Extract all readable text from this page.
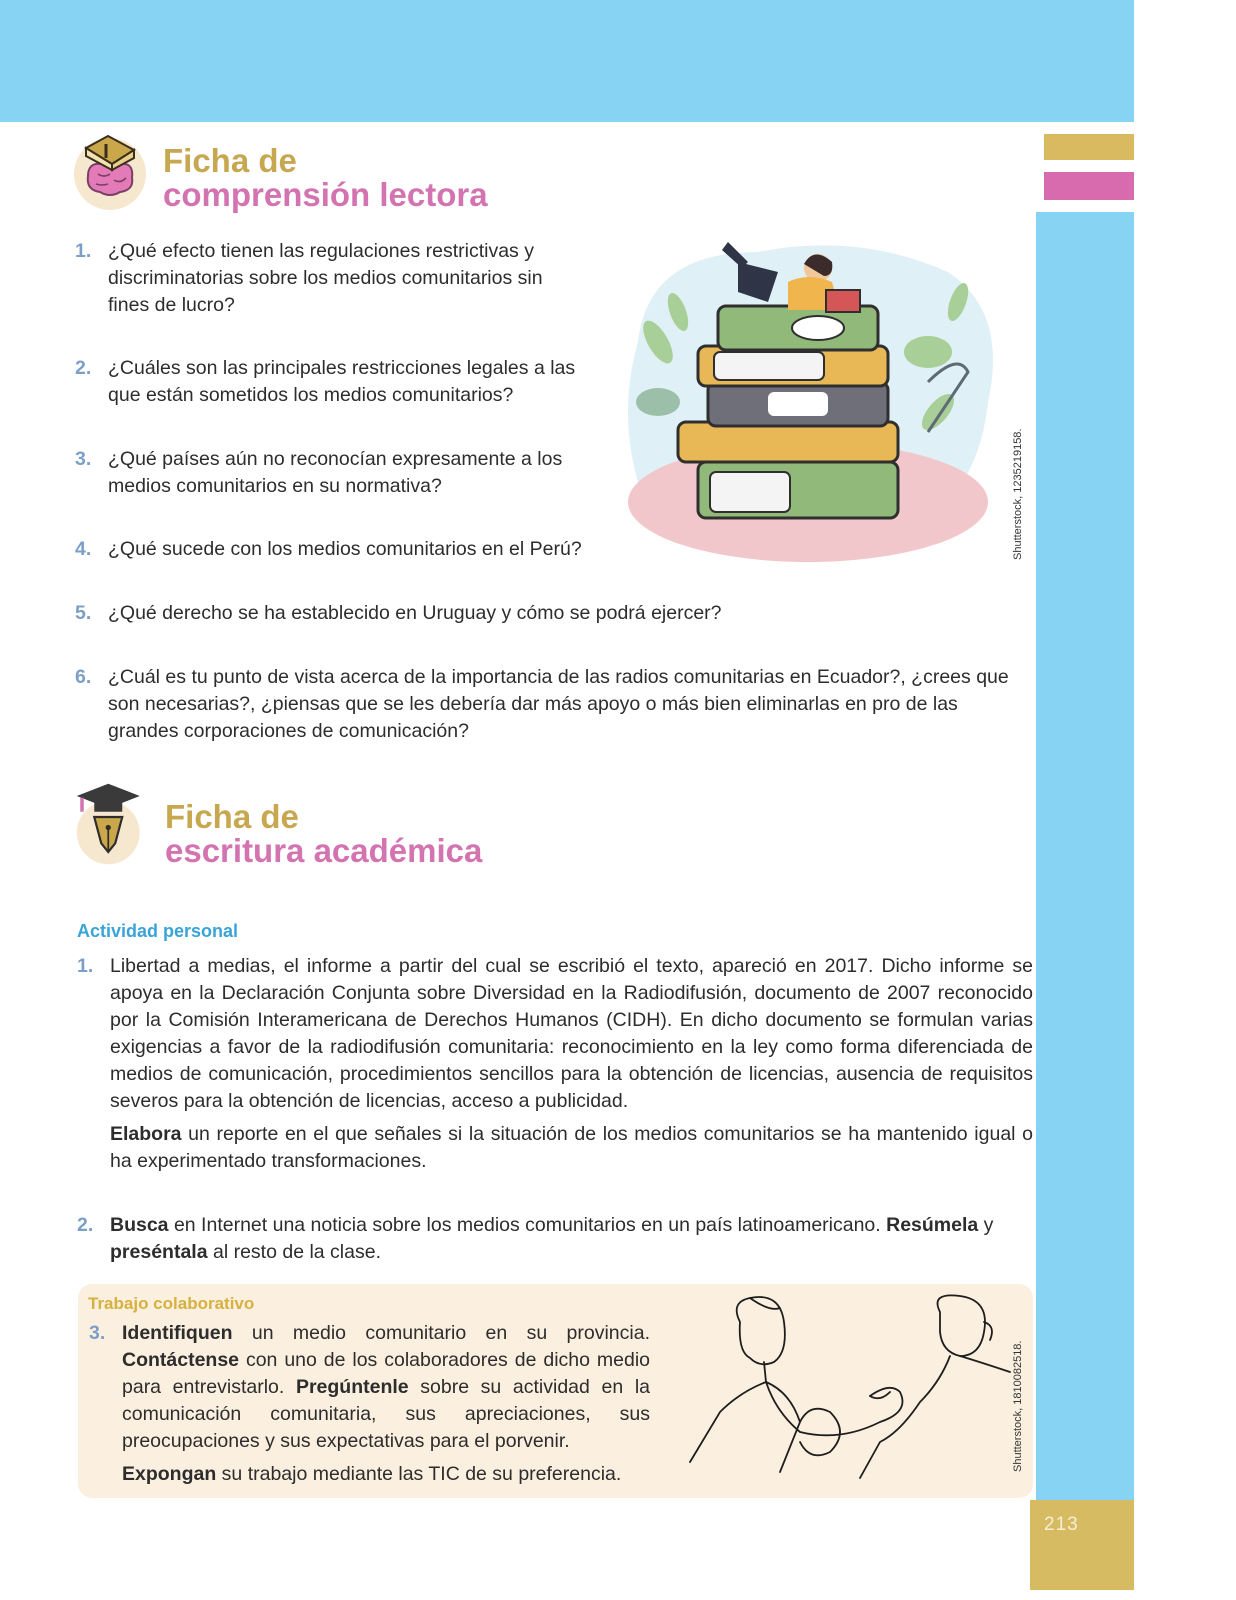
213
Ficha de
comprensión lectora
1. ¿Qué efecto tienen las regulaciones restrictivas y discriminatorias sobre los medios comunitarios sin fines de lucro?

2. ¿Cuáles son las principales restricciones legales a las que están sometidos los medios comunitarios?

3. ¿Qué países aún no reconocían expresamente a los medios comunitarios en su normativa?

4. ¿Qué sucede con los medios comunitarios en el Perú?

5. ¿Qué derecho se ha establecido en Uruguay y cómo se podrá ejercer?

6. ¿Cuál es tu punto de vista acerca de la importancia de las radios comunitarias en Ecuador?, ¿crees que son necesarias?, ¿piensas que se les debería dar más apoyo o más bien eliminarlas en pro de las grandes corporaciones de comunicación?

Shutterstock, 1235219158.
Ficha de
escritura académica
Actividad personal
1. Libertad a medias, el informe a partir del cual se escribió el texto, apareció en 2017. Dicho informe se apoya en la Declaración Conjunta sobre Diversidad en la Radiodifusión, documento de 2007 reconocido por la Comisión Interamericana de Derechos Humanos (CIDH). En dicho documento se formulan varias exigencias a favor de la radiodifusión comunitaria: reconocimiento en la ley como forma diferenciada de medios de comunicación, procedimientos sencillos para la obtención de licencias, ausencia de requisitos severos para la obtención de licencias, acceso a publicidad.

Elabora un reporte en el que señales si la situación de los medios comunitarios se ha mantenido igual o ha experimentado transformaciones.

2. Busca en Internet una noticia sobre los medios comunitarios en un país latinoamericano. Resúmela y preséntala al resto de la clase.

Trabajo colaborativo
3. Identifiquen un medio comunitario en su provincia. Contáctense con uno de los colaboradores de dicho medio para entrevistarlo. Pregúntenle sobre su actividad en la comunicación comunitaria, sus apreciaciones, sus preocupaciones y sus expectativas para el porvenir.

Expongan su trabajo mediante las TIC de su preferencia.

Shutterstock, 1810082518.
